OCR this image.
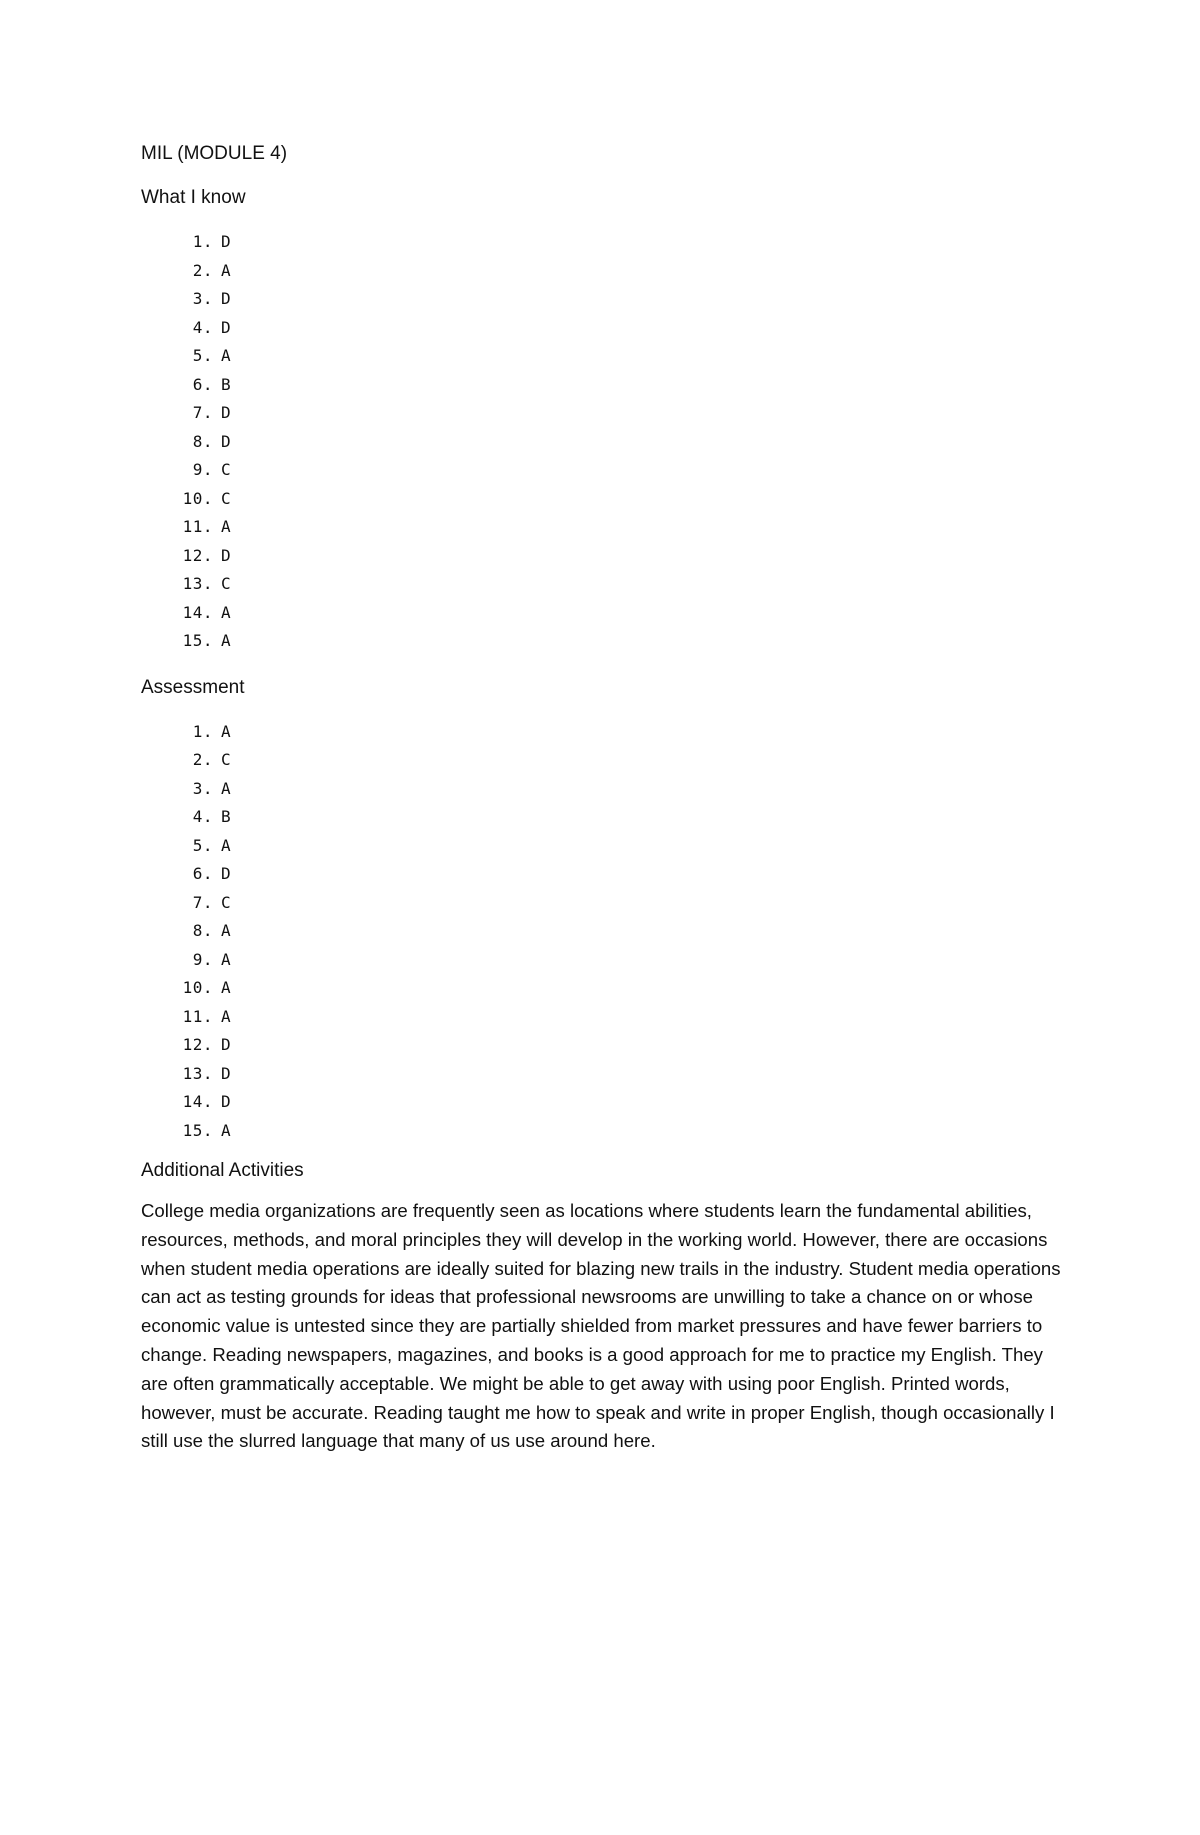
MIL (MODULE 4)
What I know
1. D
2. A
3. D
4. D
5. A
6. B
7. D
8. D
9. C
10. C
11. A
12. D
13. C
14. A
15. A
Assessment
1. A
2. C
3. A
4. B
5. A
6. D
7. C
8. A
9. A
10. A
11. A
12. D
13. D
14. D
15. A
Additional Activities

College media organizations are frequently seen as locations where students learn the fundamental abilities, resources, methods, and moral principles they will develop in the working world. However, there are occasions when student media operations are ideally suited for blazing new trails in the industry. Student media operations can act as testing grounds for ideas that professional newsrooms are unwilling to take a chance on or whose economic value is untested since they are partially shielded from market pressures and have fewer barriers to change. Reading newspapers, magazines, and books is a good approach for me to practice my English. They are often grammatically acceptable. We might be able to get away with using poor English. Printed words, however, must be accurate. Reading taught me how to speak and write in proper English, though occasionally I still use the slurred language that many of us use around here.
